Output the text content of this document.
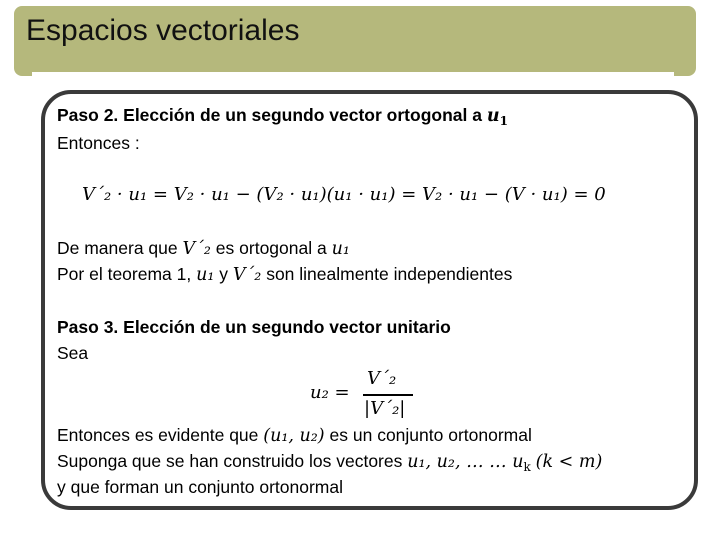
Espacios vectoriales
Paso 2. Elección de un segundo vector ortogonal a $u_1$
Entonces :
V´₂ · u₁ = V₂ · u₁ − (V₂ · u₁)(u₁ · u₁) = V₂ · u₁ − (V · u₁) = 0
De manera que V´₂ es ortogonal a u₁
Por el teorema 1, u₁ y V´₂ son linealmente independientes
Paso 3. Elección de un segundo vector unitario
Sea
u₂ =
V´₂
|V´₂|
Entonces es evidente que (u₁, u₂) es un conjunto ortonormal
Suponga que se han construido los vectores u₁, u₂, … … $u_k$ (k < m)
y que forman un conjunto ortonormal
